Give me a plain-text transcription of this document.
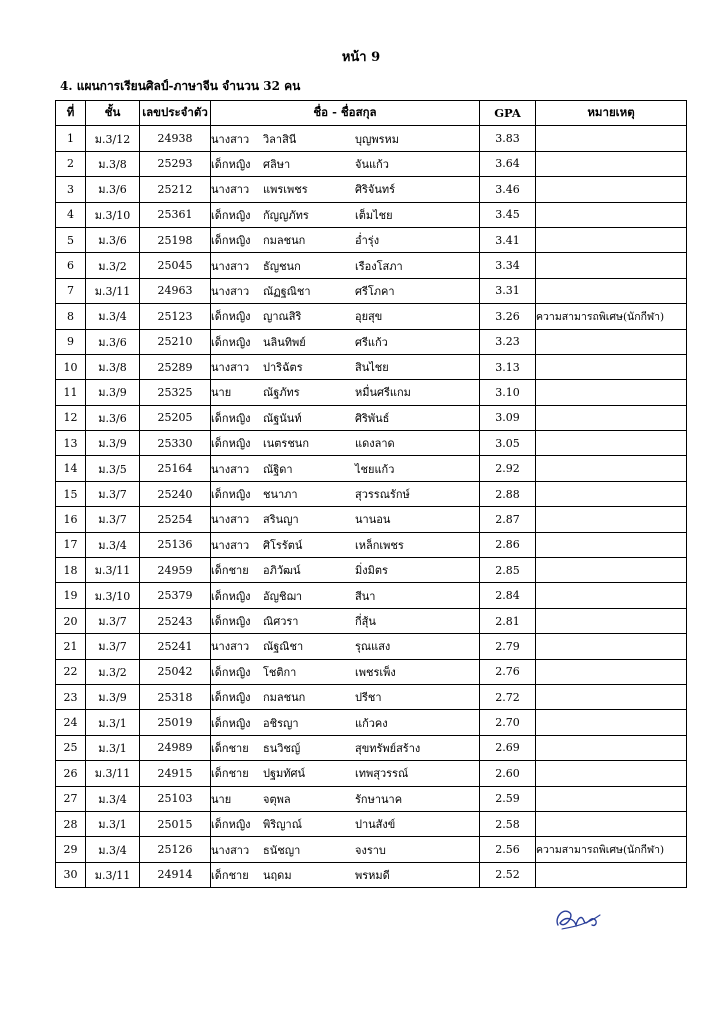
หน้า 9
4. แผนการเรียนศิลป์-ภาษาจีน จำนวน 32 คน
ที่	ชั้น	เลขประจำตัว	ชื่อ - ชื่อสกุล	GPA	หมายเหตุ
1	ม.3/12	24938	นางสาว วิลาสินี บุญพรหม	3.83	
2	ม.3/8	25293	เด็กหญิง ศลิษา จันแก้ว	3.64	
3	ม.3/6	25212	นางสาว แพรเพชร ศิริจันทร์	3.46	
4	ม.3/10	25361	เด็กหญิง กัญญภัทร เต็มไชย	3.45	
5	ม.3/6	25198	เด็กหญิง กมลชนก อ่ำรุ่ง	3.41	
6	ม.3/2	25045	นางสาว ธัญชนก เรืองโสภา	3.34	
7	ม.3/11	24963	นางสาว ณัฏฐณิชา ศรีโภคา	3.31	
8	ม.3/4	25123	เด็กหญิง ญาณสิริ อุยสุข	3.26	ความสามารถพิเศษ(นักกีฬา)
9	ม.3/6	25210	เด็กหญิง นลินทิพย์ ศรีแก้ว	3.23	
10	ม.3/8	25289	นางสาว ปาริฉัตร สินไชย	3.13	
11	ม.3/9	25325	นาย ณัฐภัทร หมื่นศรีแกม	3.10	
12	ม.3/6	25205	เด็กหญิง ณัฐนันท์ ศิริพันธ์	3.09	
13	ม.3/9	25330	เด็กหญิง เนตรชนก แดงลาด	3.05	
14	ม.3/5	25164	นางสาว ณัฐิดา ไชยแก้ว	2.92	
15	ม.3/7	25240	เด็กหญิง ชนาภา สุวรรณรักษ์	2.88	
16	ม.3/7	25254	นางสาว สรินญา นานอน	2.87	
17	ม.3/4	25136	นางสาว ศิโรรัตน์ เหล็กเพชร	2.86	
18	ม.3/11	24959	เด็กชาย อภิวัฒน์ มิ่งมิตร	2.85	
19	ม.3/10	25379	เด็กหญิง อัญชิฌา สีนา	2.84	
20	ม.3/7	25243	เด็กหญิง ณิศวรา กี่สุ้น	2.81	
21	ม.3/7	25241	นางสาว ณัฐณิชา รุณแสง	2.79	
22	ม.3/2	25042	เด็กหญิง โชติกา เพชรเพ็ง	2.76	
23	ม.3/9	25318	เด็กหญิง กมลชนก ปรีชา	2.72	
24	ม.3/1	25019	เด็กหญิง อชิรญา แก้วคง	2.70	
25	ม.3/1	24989	เด็กชาย ธนวิชญ์ สุขทรัพย์สร้าง	2.69	
26	ม.3/11	24915	เด็กชาย ปฐมทัศน์ เทพสุวรรณ์	2.60	
27	ม.3/4	25103	นาย จตุพล รักษานาค	2.59	
28	ม.3/1	25015	เด็กหญิง พิริญาณ์ ปานสังข์	2.58	
29	ม.3/4	25126	นางสาว ธนัชญา จงราบ	2.56	ความสามารถพิเศษ(นักกีฬา)
30	ม.3/11	24914	เด็กชาย นฤดม พรหมดี	2.52	
